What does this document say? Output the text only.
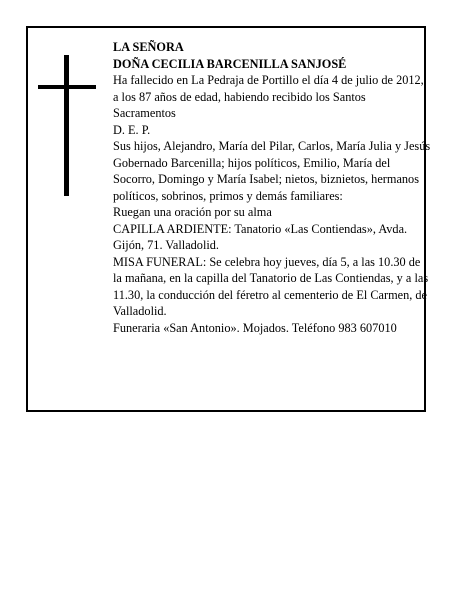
LA SEÑORA

DOÑA CECILIA BARCENILLA SANJOSÉ

Ha fallecido en La Pedraja de Portillo el día 4 de julio de 2012, a los 87 años de edad, habiendo recibido los Santos Sacramentos

D. E. P.

Sus hijos, Alejandro, María del Pilar, Carlos, María Julia y Jesús Gobernado Barcenilla; hijos políticos, Emilio, María del Socorro, Domingo y María Isabel; nietos, biznietos, hermanos políticos, sobrinos, primos y demás familiares:

Ruegan una oración por su alma

CAPILLA ARDIENTE: Tanatorio «Las Contiendas», Avda. Gijón, 71. Valladolid.

MISA FUNERAL: Se celebra hoy jueves, día 5, a las 10.30 de la mañana, en la capilla del Tanatorio de Las Contiendas, y a las 11.30, la conducción del féretro al cementerio de El Carmen, de Valladolid.

Funeraria «San Antonio». Mojados. Teléfono 983 607010
